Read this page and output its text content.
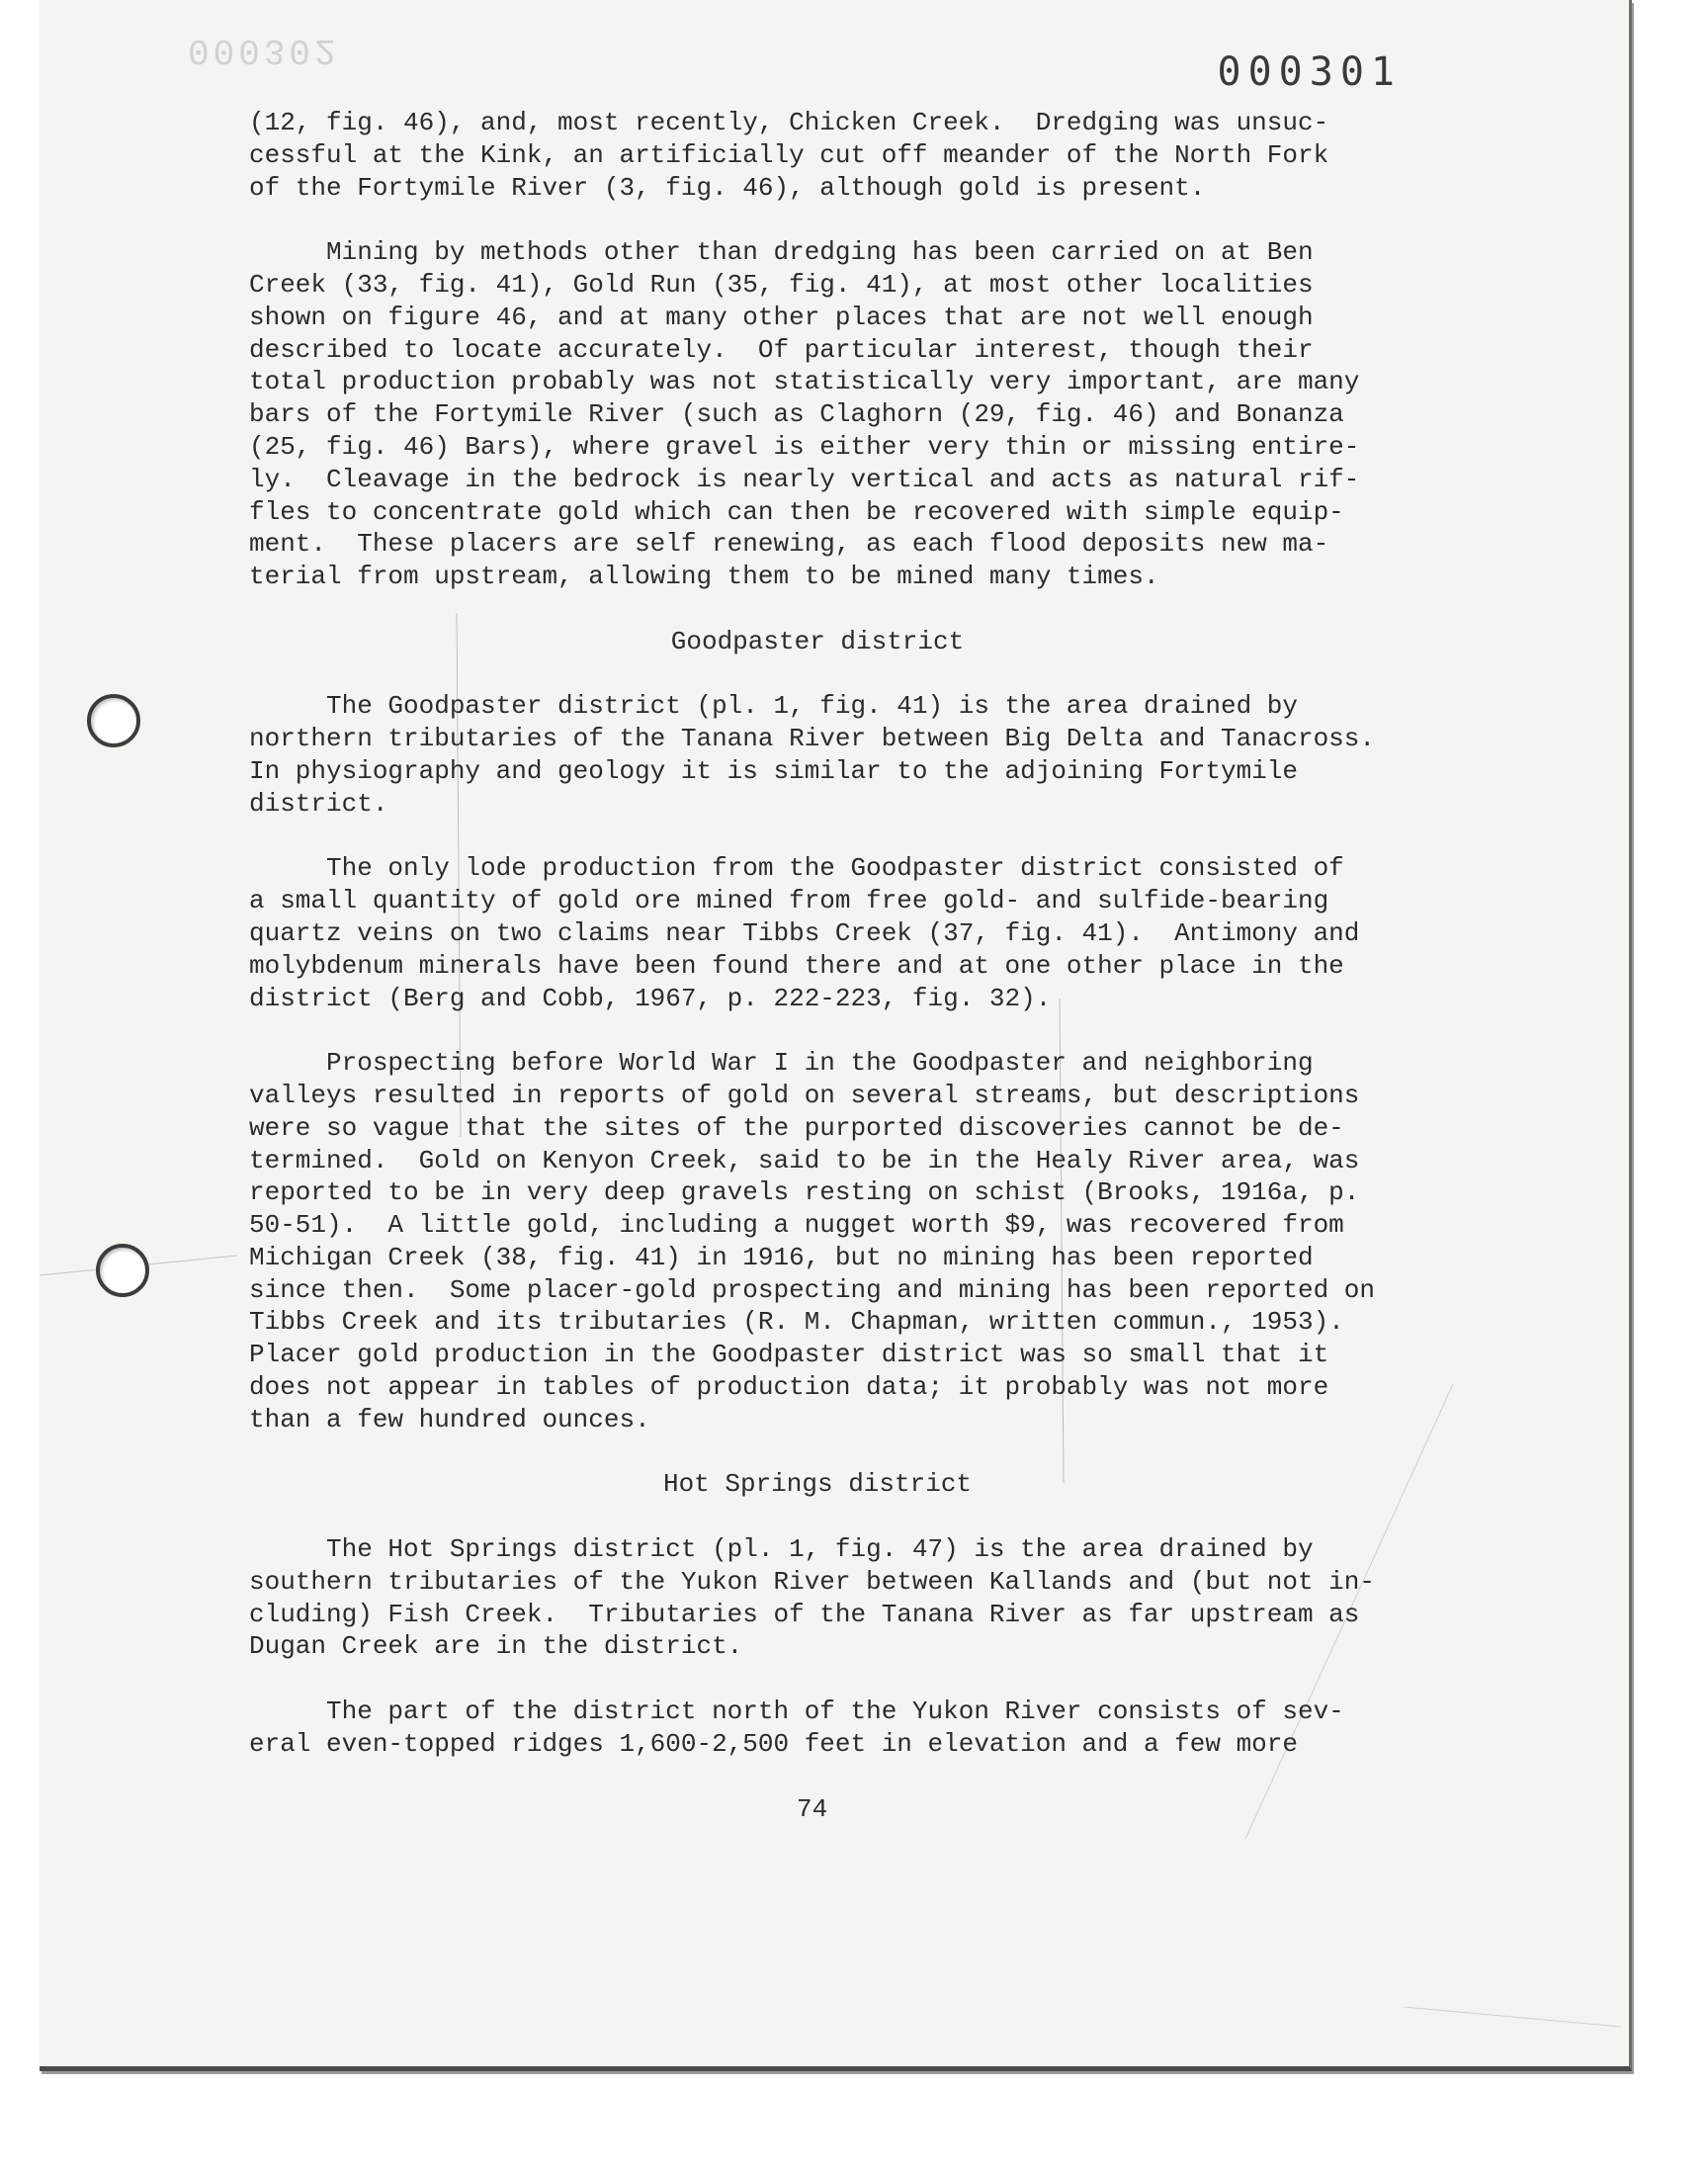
000302	000301
(12, fig. 46), and, most recently, Chicken Creek.  Dredging was unsuc-
cessful at the Kink, an artificially cut off meander of the North Fork
of the Fortymile River (3, fig. 46), although gold is present.
Mining by methods other than dredging has been carried on at Ben
Creek (33, fig. 41), Gold Run (35, fig. 41), at most other localities
shown on figure 46, and at many other places that are not well enough
described to locate accurately.  Of particular interest, though their
total production probably was not statistically very important, are many
bars of the Fortymile River (such as Claghorn (29, fig. 46) and Bonanza
(25, fig. 46) Bars), where gravel is either very thin or missing entire-
ly.  Cleavage in the bedrock is nearly vertical and acts as natural rif-
fles to concentrate gold which can then be recovered with simple equip-
ment.  These placers are self renewing, as each flood deposits new ma-
terial from upstream, allowing them to be mined many times.
Goodpaster district
The Goodpaster district (pl. 1, fig. 41) is the area drained by
northern tributaries of the Tanana River between Big Delta and Tanacross.
In physiography and geology it is similar to the adjoining Fortymile
district.
The only lode production from the Goodpaster district consisted of
a small quantity of gold ore mined from free gold- and sulfide-bearing
quartz veins on two claims near Tibbs Creek (37, fig. 41).  Antimony and
molybdenum minerals have been found there and at one other place in the
district (Berg and Cobb, 1967, p. 222-223, fig. 32).
Prospecting before World War I in the Goodpaster and neighboring
valleys resulted in reports of gold on several streams, but descriptions
were so vague that the sites of the purported discoveries cannot be de-
termined.  Gold on Kenyon Creek, said to be in the Healy River area, was
reported to be in very deep gravels resting on schist (Brooks, 1916a, p.
50-51).  A little gold, including a nugget worth $9, was recovered from
Michigan Creek (38, fig. 41) in 1916, but no mining has been reported
since then.  Some placer-gold prospecting and mining has been reported on
Tibbs Creek and its tributaries (R. M. Chapman, written commun., 1953).
Placer gold production in the Goodpaster district was so small that it
does not appear in tables of production data; it probably was not more
than a few hundred ounces.
Hot Springs district
The Hot Springs district (pl. 1, fig. 47) is the area drained by
southern tributaries of the Yukon River between Kallands and (but not in-
cluding) Fish Creek.  Tributaries of the Tanana River as far upstream as
Dugan Creek are in the district.
The part of the district north of the Yukon River consists of sev-
eral even-topped ridges 1,600-2,500 feet in elevation and a few more
74
